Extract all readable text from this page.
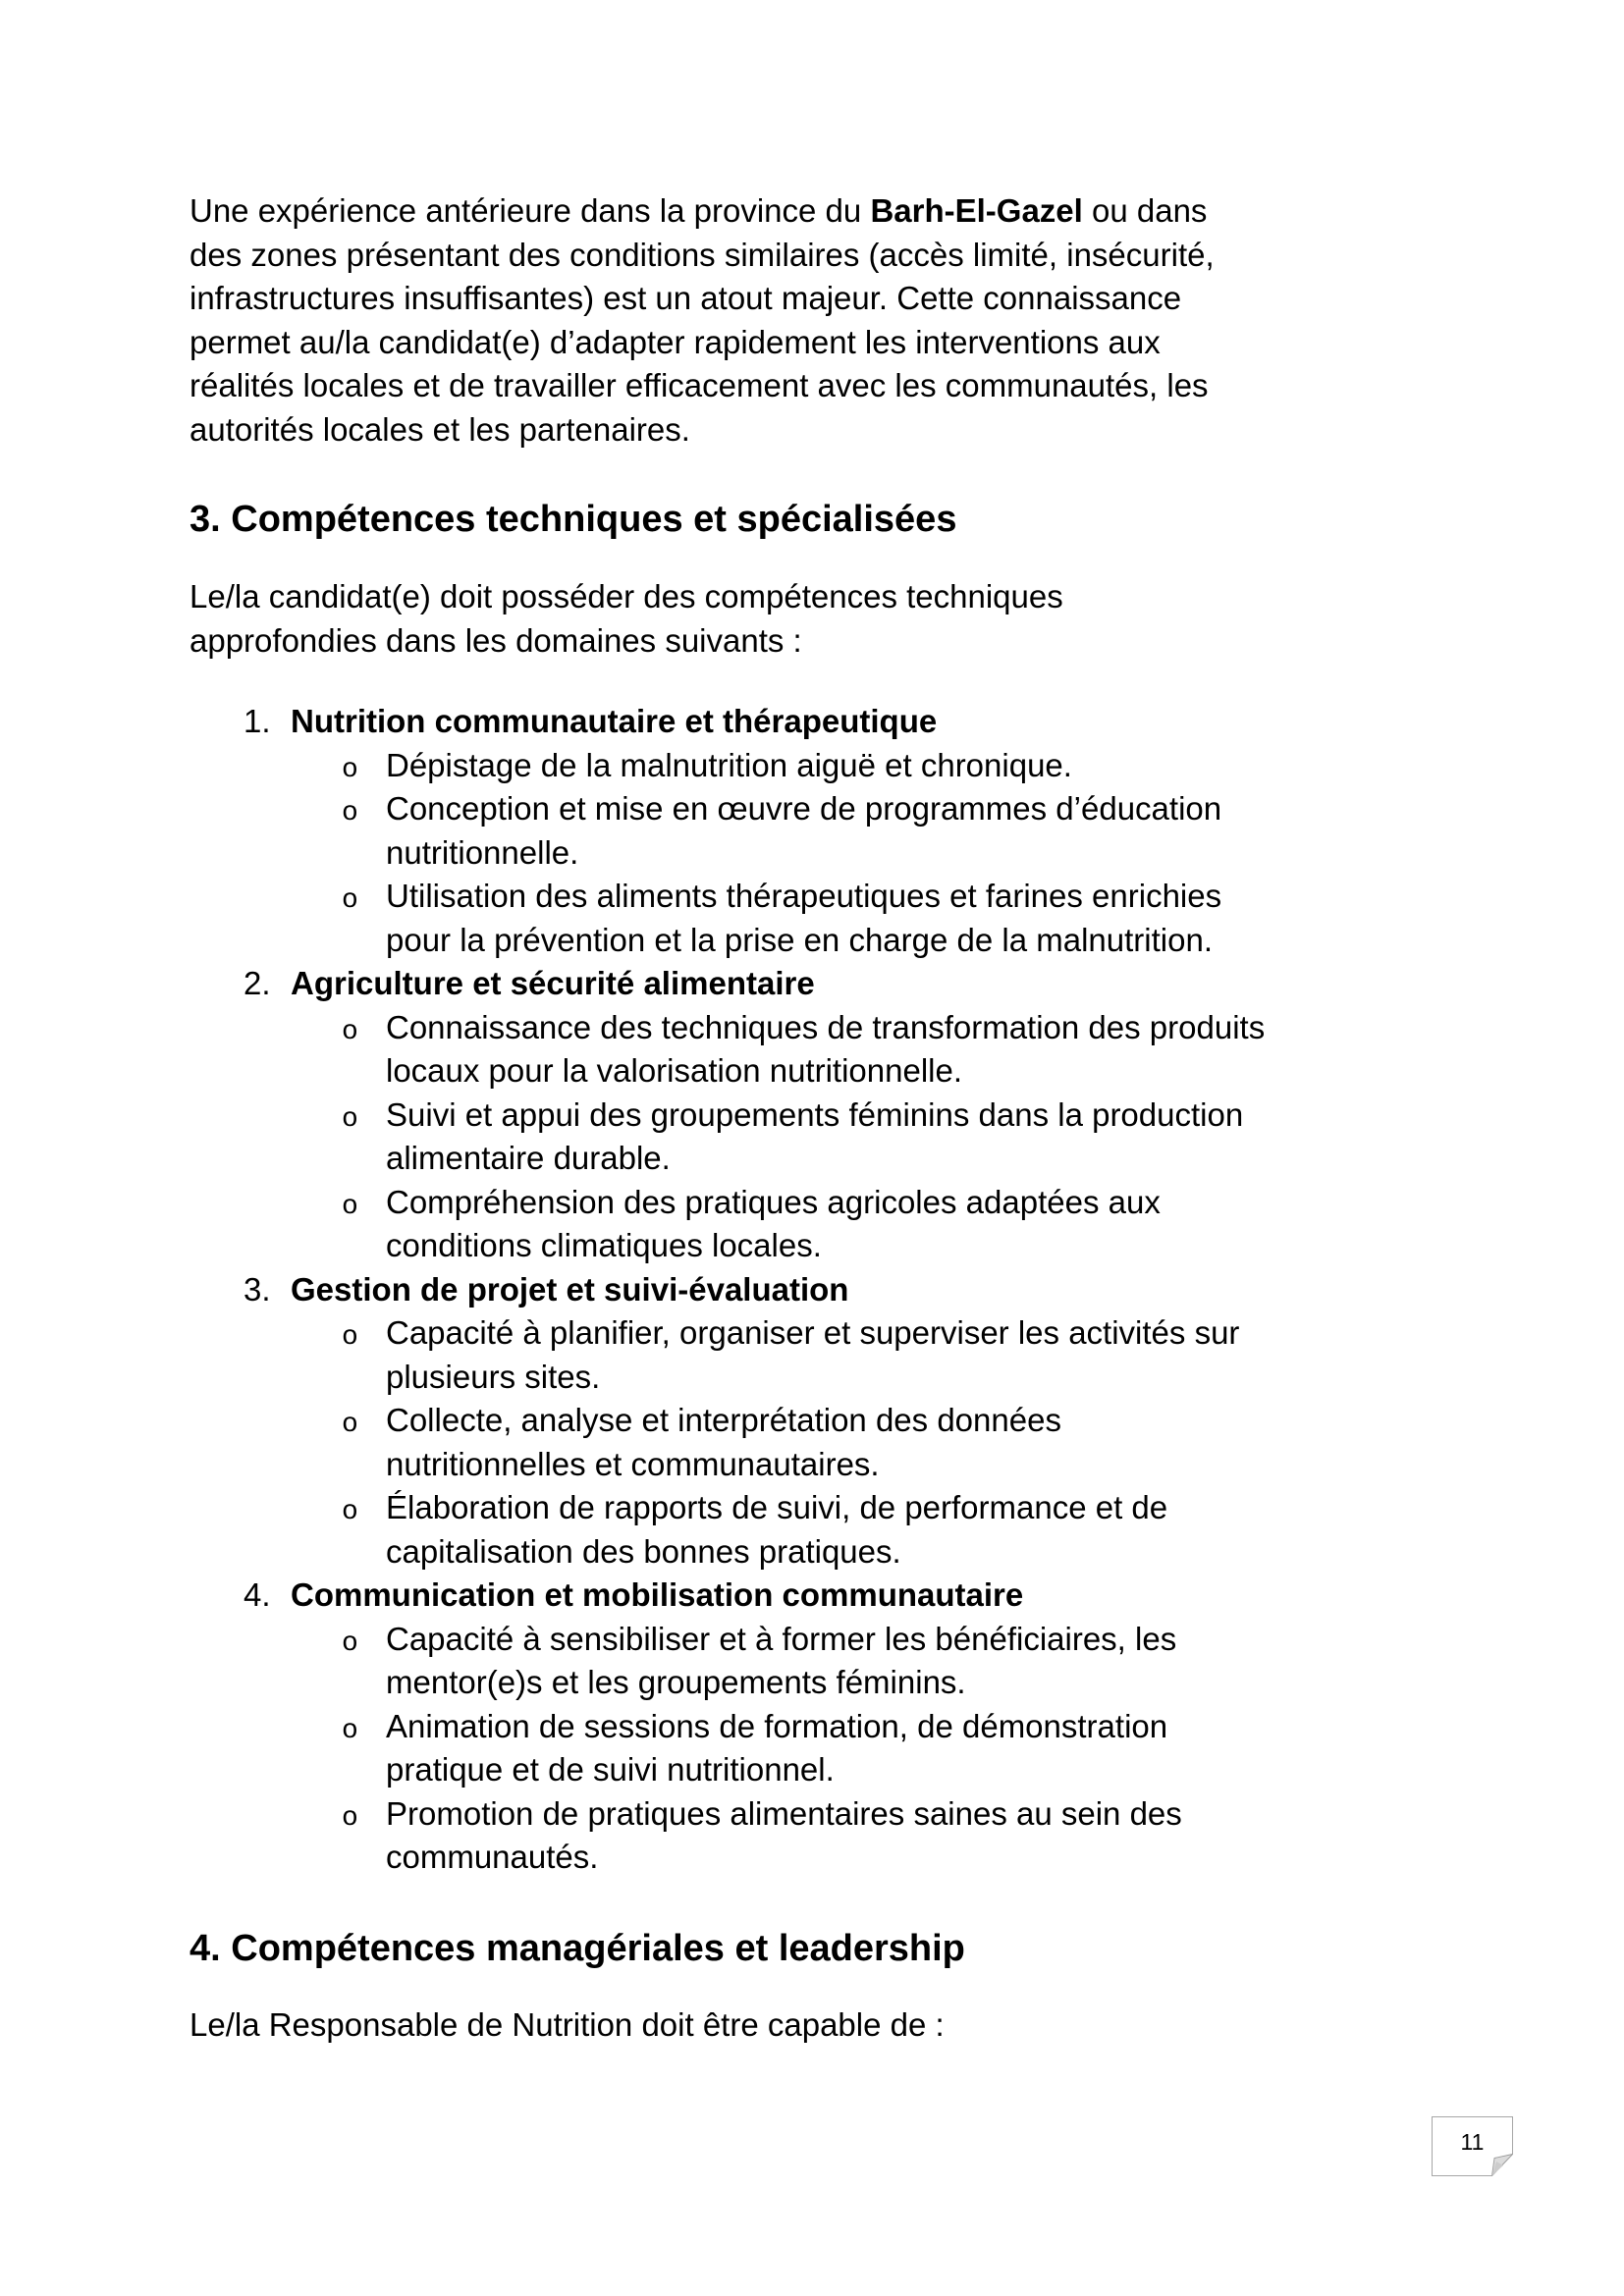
Une expérience antérieure dans la province du Barh-El-Gazel ou dans
des zones présentant des conditions similaires (accès limité, insécurité,
infrastructures insuffisantes) est un atout majeur. Cette connaissance
permet au/la candidat(e) d’adapter rapidement les interventions aux
réalités locales et de travailler efficacement avec les communautés, les
autorités locales et les partenaires.
3. Compétences techniques et spécialisées
Le/la candidat(e) doit posséder des compétences techniques
approfondies dans les domaines suivants :
1. Nutrition communautaire et thérapeutique
o Dépistage de la malnutrition aiguë et chronique.
o Conception et mise en œuvre de programmes d’éducation
nutritionnelle.
o Utilisation des aliments thérapeutiques et farines enrichies
pour la prévention et la prise en charge de la malnutrition.
2. Agriculture et sécurité alimentaire
o Connaissance des techniques de transformation des produits
locaux pour la valorisation nutritionnelle.
o Suivi et appui des groupements féminins dans la production
alimentaire durable.
o Compréhension des pratiques agricoles adaptées aux
conditions climatiques locales.
3. Gestion de projet et suivi-évaluation
o Capacité à planifier, organiser et superviser les activités sur
plusieurs sites.
o Collecte, analyse et interprétation des données
nutritionnelles et communautaires.
o Élaboration de rapports de suivi, de performance et de
capitalisation des bonnes pratiques.
4. Communication et mobilisation communautaire
o Capacité à sensibiliser et à former les bénéficiaires, les
mentor(e)s et les groupements féminins.
o Animation de sessions de formation, de démonstration
pratique et de suivi nutritionnel.
o Promotion de pratiques alimentaires saines au sein des
communautés.
4. Compétences managériales et leadership
Le/la Responsable de Nutrition doit être capable de :
11
